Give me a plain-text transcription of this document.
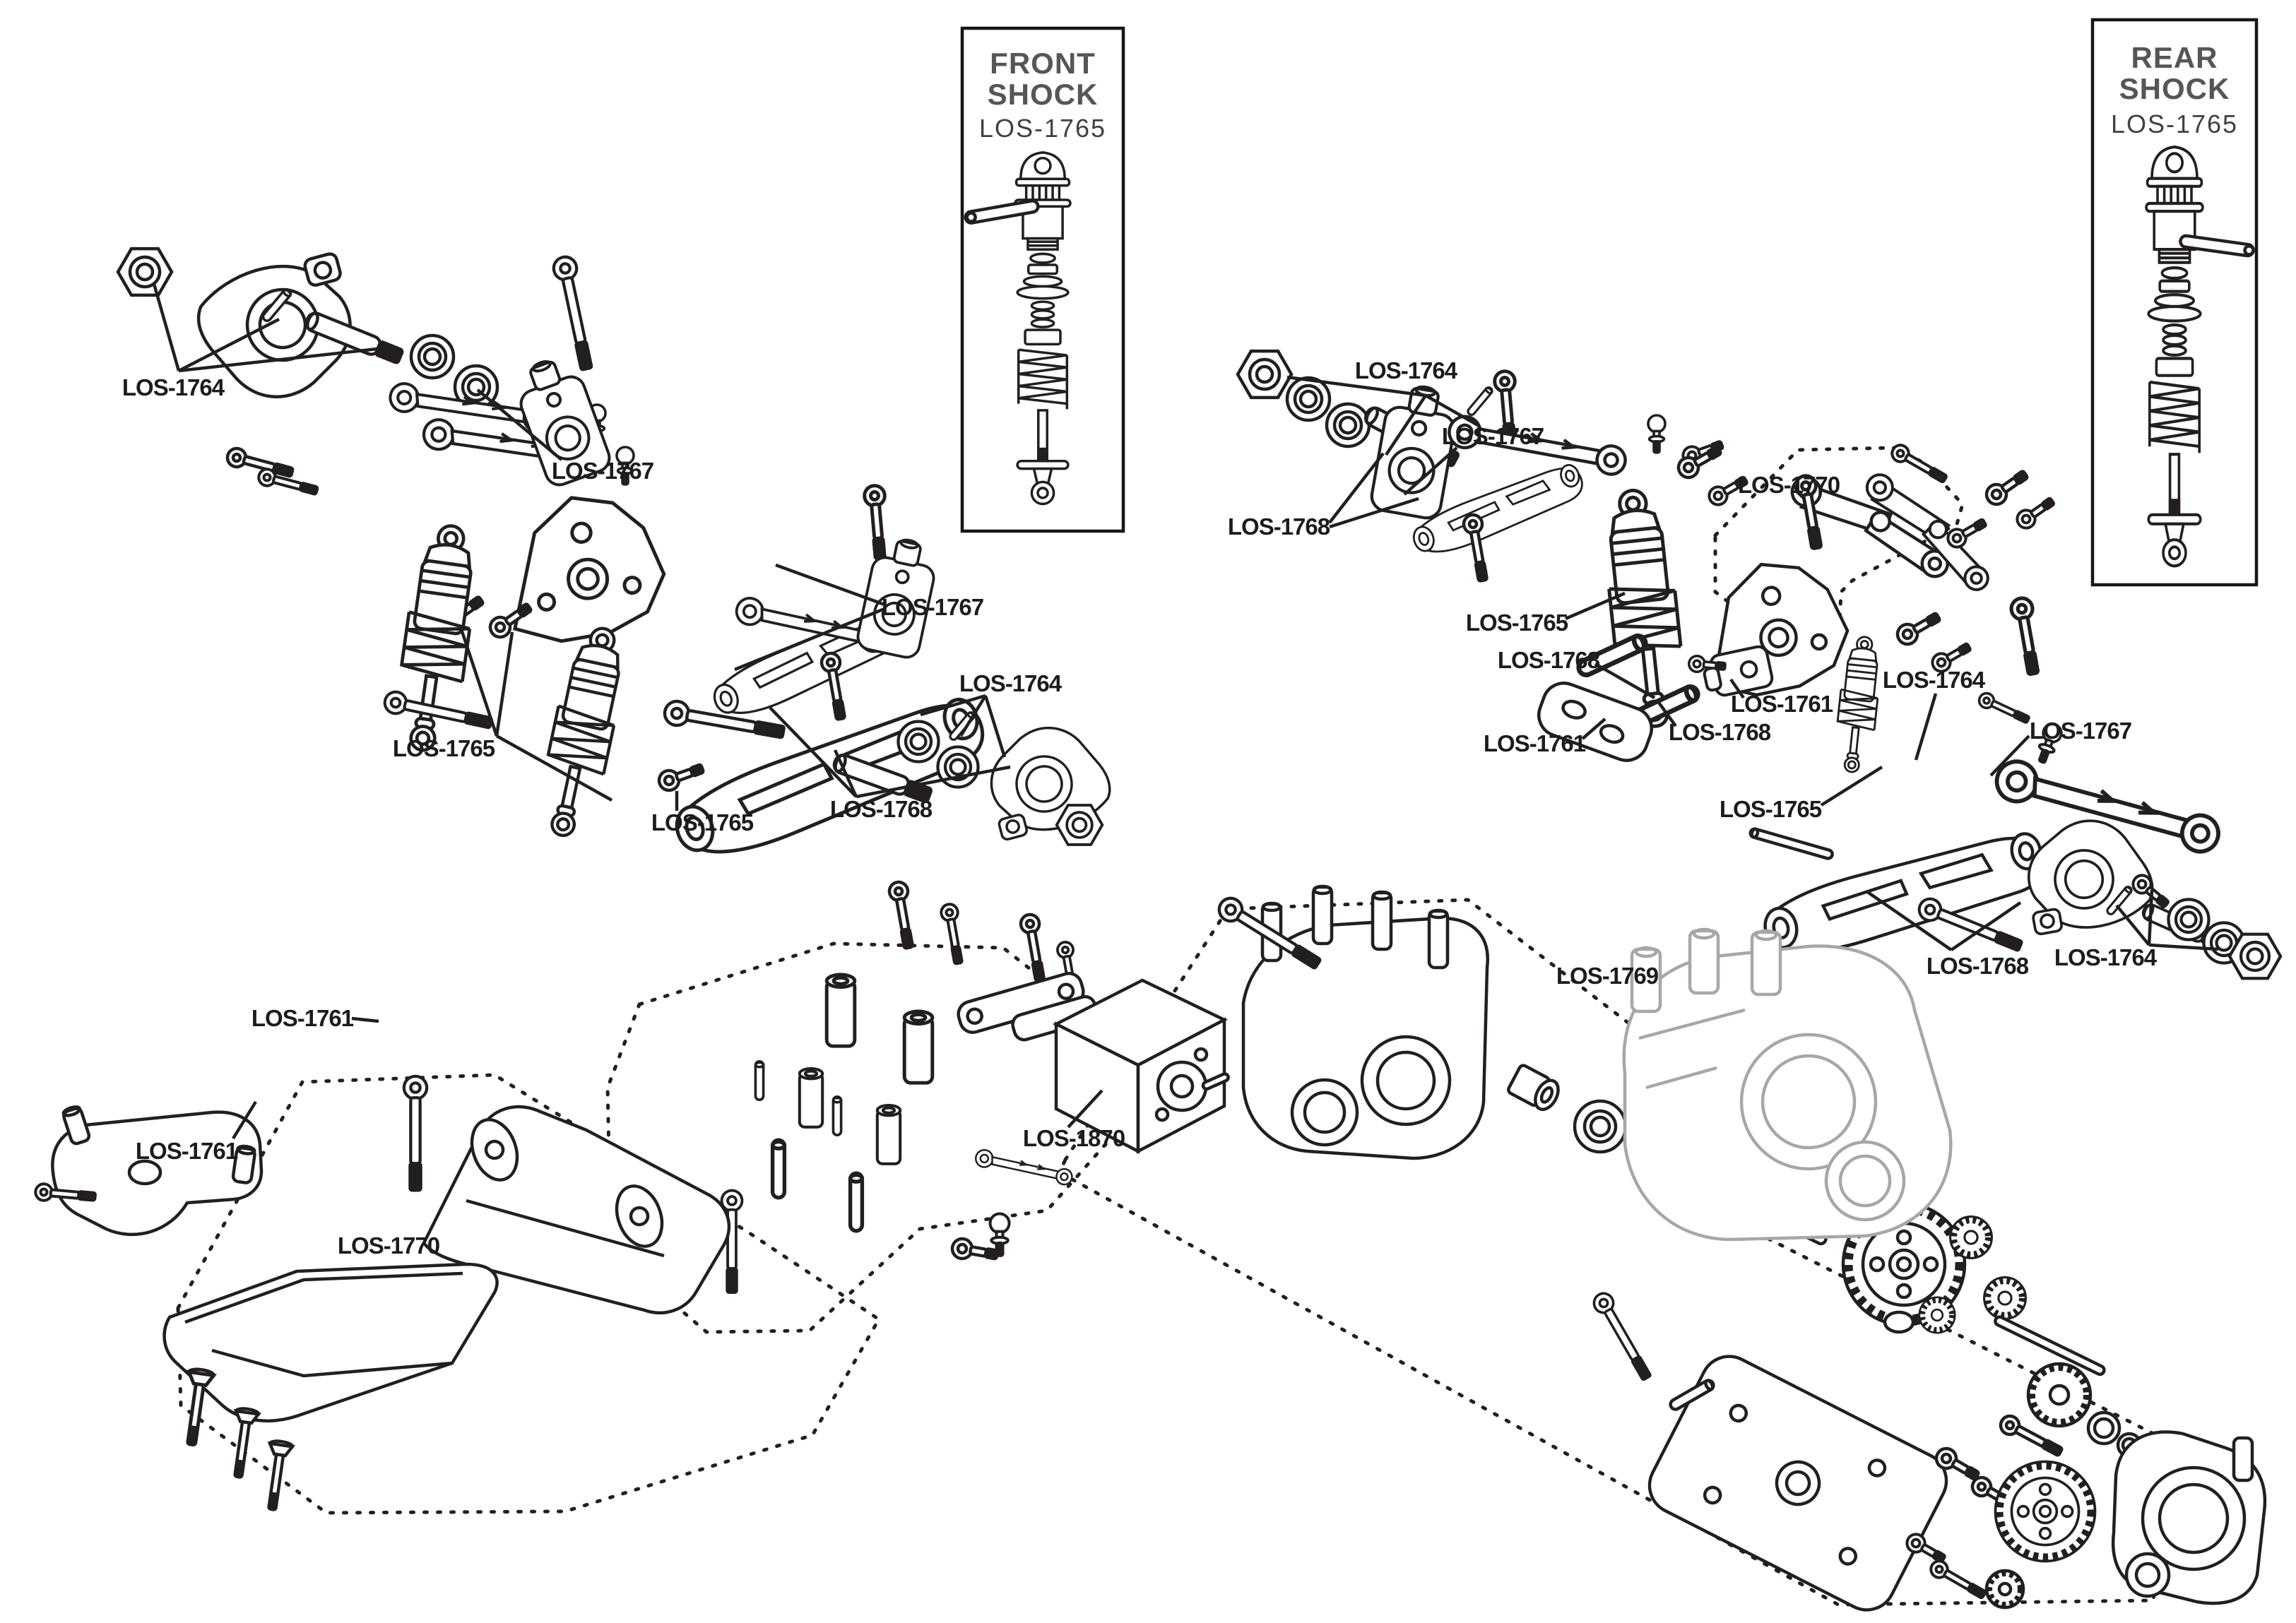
LOS-1764
LOS-1767
LOS-1765
LOS-1765
LOS-1767
LOS-1764
LOS-1768
LOS-1764
LOS-1767
LOS-1768
LOS-1765
LOS-1768
LOS-1761	LOS-1768
LOS-1761
LOS-1770
LOS-1764
LOS-1767
LOS-1765
LOS-1768 LOS-1764
LOS-1761
LOS-1761
LOS-1770
LOS-1769
LOS-1870
FRONT
SHOCK
LOS-1765
REAR
SHOCK
LOS-1765
